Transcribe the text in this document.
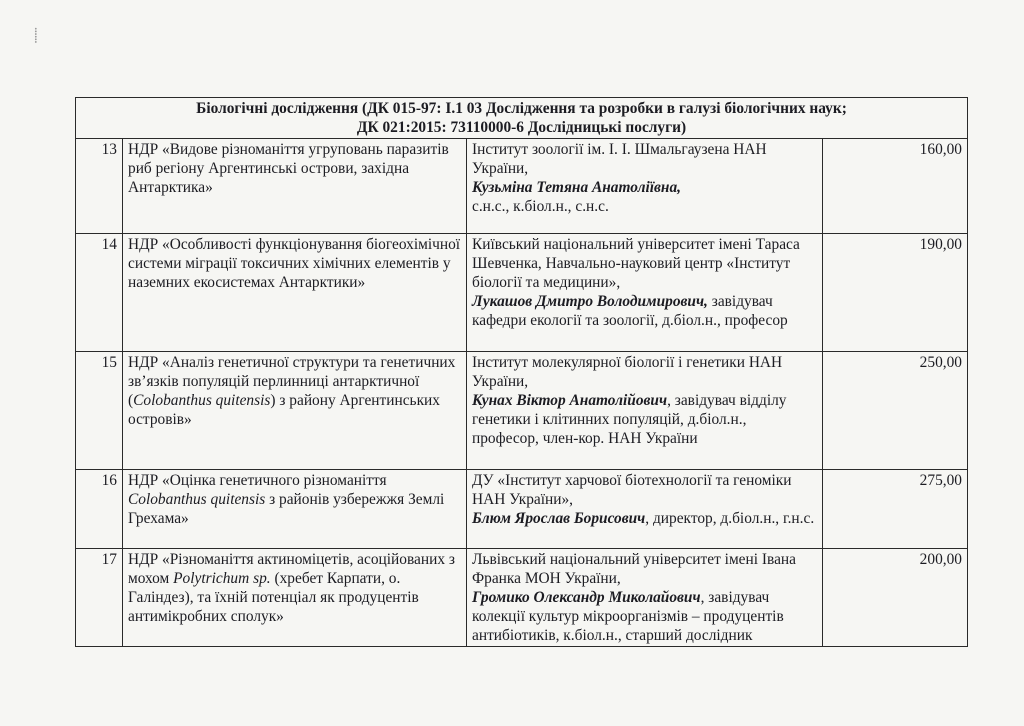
⸽
Біологічні дослідження (ДК 015-97: І.1 03 Дослідження та розробки в галузі біологічних наук;
ДК 021:2015: 73110000-6 Дослідницькі послуги)			

13	НДР «Видове різноманіття угруповань паразитів риб регіону Аргентинські острови, західна Антарктика»	Інститут зоології ім. І. І. Шмальгаузена НАН України,
Кузьміна Тетяна Анатоліївна,
с.н.с., к.біол.н., с.н.с.	160,00
14	НДР «Особливості функціонування біогеохімічної системи міграції токсичних хімічних елементів у наземних екосистемах Антарктики»	Київський національний університет імені Тараса Шевченка, Навчально-науковий центр «Інститут біології та медицини»,
Лукашов Дмитро Володимирович, завідувач кафедри екології та зоології, д.біол.н., професор	190,00
15	НДР «Аналіз генетичної структури та генетичних
зв’язків популяцій перлинниці антарктичної (Colobanthus quitensis) з району Аргентинських островів»	Інститут молекулярної біології і генетики НАН України,
Кунах Віктор Анатолійович, завідувач відділу генетики і клітинних популяцій, д.біол.н., професор, член-кор. НАН України	250,00
16	НДР «Оцінка генетичного різноманіття Colobanthus quitensis з районів узбережжя Землі Грехама»	ДУ «Інститут харчової біотехнології та геноміки НАН України»,
Блюм Ярослав Борисович, директор, д.біол.н., г.н.с.	275,00
17	НДР «Різноманіття актиноміцетів, асоційованих з мохом Polytrichum sp. (хребет Карпати, о. Галіндез), та їхній потенціал як продуцентів антимікробних сполук»	Львівський національний університет імені Івана Франка МОН України,
Громико Олександр Миколайович, завідувач колекції культур мікроорганізмів – продуцентів антибіотиків, к.біол.н., старший дослідник	200,00
